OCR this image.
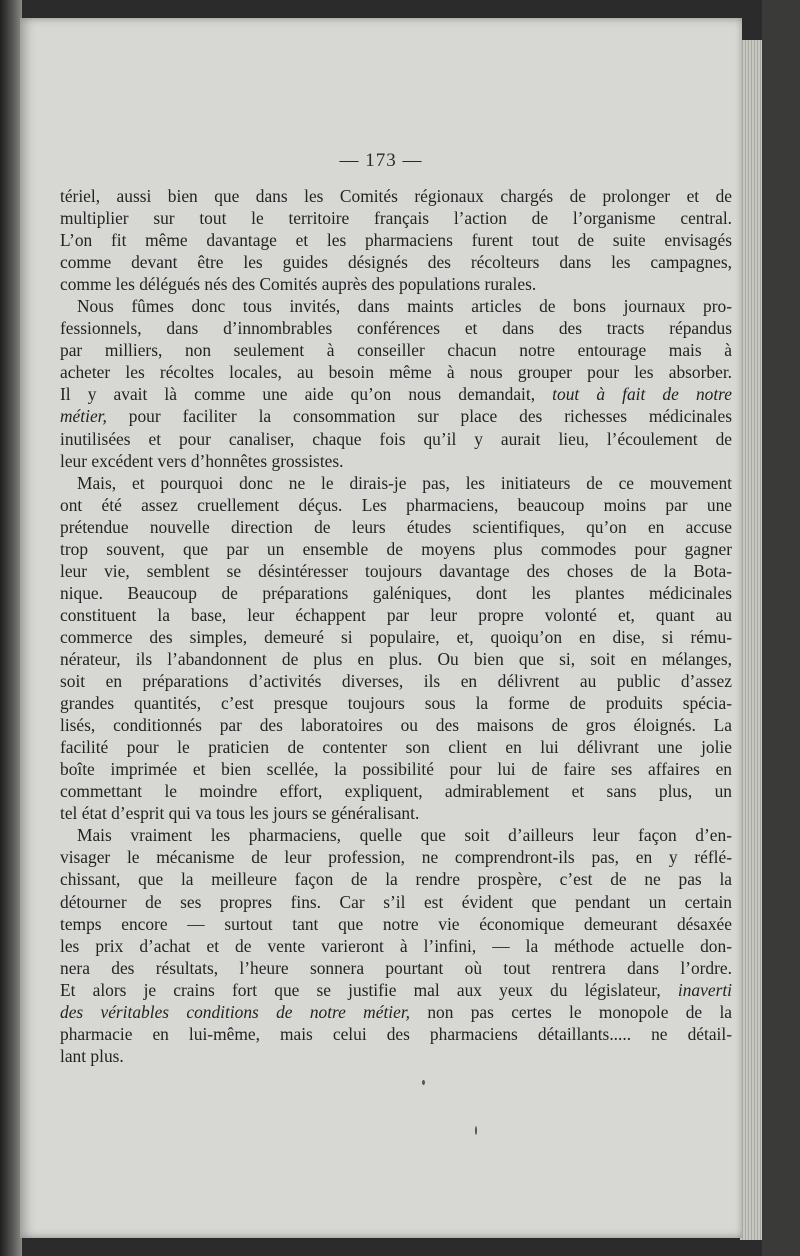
— 173 —

tériel, aussi bien que dans les Comités régionaux chargés de prolonger et de

multiplier sur tout le territoire français l’action de l’organisme central.

L’on fit même davantage et les pharmaciens furent tout de suite envisagés

comme devant être les guides désignés des récolteurs dans les campagnes,

comme les délégués nés des Comités auprès des populations rurales.

Nous fûmes donc tous invités, dans maints articles de bons journaux pro-

fessionnels, dans d’innombrables conférences et dans des tracts répandus

par milliers, non seulement à conseiller chacun notre entourage mais à

acheter les récoltes locales, au besoin même à nous grouper pour les absorber.

Il y avait là comme une aide qu’on nous demandait, tout à fait de notre

métier, pour faciliter la consommation sur place des richesses médicinales

inutilisées et pour canaliser, chaque fois qu’il y aurait lieu, l’écoulement de

leur excédent vers d’honnêtes grossistes.

Mais, et pourquoi donc ne le dirais-je pas, les initiateurs de ce mouvement

ont été assez cruellement déçus. Les pharmaciens, beaucoup moins par une

prétendue nouvelle direction de leurs études scientifiques, qu’on en accuse

trop souvent, que par un ensemble de moyens plus commodes pour gagner

leur vie, semblent se désintéresser toujours davantage des choses de la Bota-

nique. Beaucoup de préparations galéniques, dont les plantes médicinales

constituent la base, leur échappent par leur propre volonté et, quant au

commerce des simples, demeuré si populaire, et, quoiqu’on en dise, si rému-

nérateur, ils l’abandonnent de plus en plus. Ou bien que si, soit en mélanges,

soit en préparations d’activités diverses, ils en délivrent au public d’assez

grandes quantités, c’est presque toujours sous la forme de produits spécia-

lisés, conditionnés par des laboratoires ou des maisons de gros éloignés. La

facilité pour le praticien de contenter son client en lui délivrant une jolie

boîte imprimée et bien scellée, la possibilité pour lui de faire ses affaires en

commettant le moindre effort, expliquent, admirablement et sans plus, un

tel état d’esprit qui va tous les jours se généralisant.

Mais vraiment les pharmaciens, quelle que soit d’ailleurs leur façon d’en-

visager le mécanisme de leur profession, ne comprendront-ils pas, en y réflé-

chissant, que la meilleure façon de la rendre prospère, c’est de ne pas la

détourner de ses propres fins. Car s’il est évident que pendant un certain

temps encore — surtout tant que notre vie économique demeurant désaxée

les prix d’achat et de vente varieront à l’infini, — la méthode actuelle don-

nera des résultats, l’heure sonnera pourtant où tout rentrera dans l’ordre.

Et alors je crains fort que se justifie mal aux yeux du législateur, inaverti

des véritables conditions de notre métier, non pas certes le monopole de la

pharmacie en lui-même, mais celui des pharmaciens détaillants..... ne détail-

lant plus.
